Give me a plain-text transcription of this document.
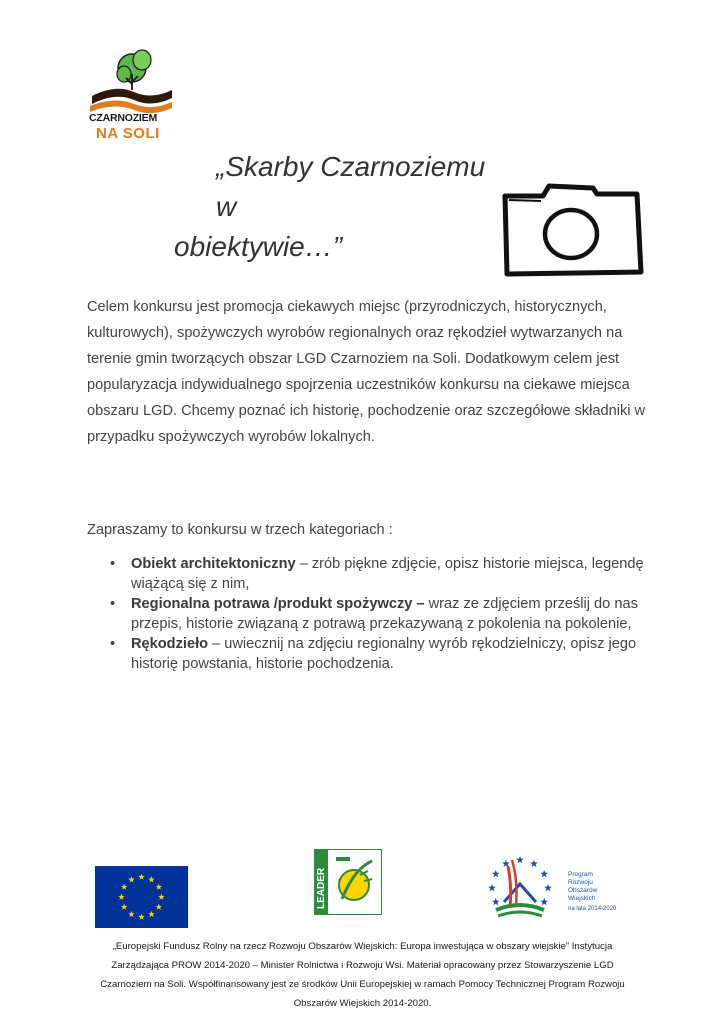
CZARNOZIEM
NA SOLI
„Skarby Czarnoziemu w
obiektywie…”

Celem konkursu jest promocja ciekawych miejsc (przyrodniczych, historycznych, kulturowych), spożywczych wyrobów regionalnych oraz rękodzieł wytwarzanych na terenie gmin tworzących obszar LGD Czarnoziem na Soli. Dodatkowym celem jest popularyzacja indywidualnego spojrzenia uczestników konkursu na ciekawe miejsca obszaru LGD. Chcemy poznać ich historię, pochodzenie oraz szczegółowe składniki w przypadku spożywczych wyrobów lokalnych.

Zapraszamy to konkursu w trzech kategoriach :

• Obiekt architektoniczny – zrób piękne zdjęcie, opisz historie miejsca, legendę wiążącą się z nim,
• Regionalna potrawa /produkt spożywczy – wraz ze zdjęciem prześlij do nas przepis, historie związaną z potrawą przekazywaną z pokolenia na pokolenie,
• Rękodzieło – uwiecznij na zdjęciu regionalny wyrób rękodzielniczy, opisz jego historię powstania, historie pochodzenia.
LEADER	Program
Rozwoju
Obszarów
Wiejskich
na lata 2014-2020

„Europejski Fundusz Rolny na rzecz Rozwoju Obszarów Wiejskich: Europa inwestująca w obszary wiejskie” Instytucja Zarządzająca PROW 2014-2020 – Minister Rolnictwa i Rozwoju Wsi. Materiał opracowany przez Stowarzyszenie LGD Czarnoziem na Soli. Współfinansowany jest ze środków Unii Europejskiej w ramach Pomocy Technicznej Program Rozwoju Obszarów Wiejskich 2014-2020.
